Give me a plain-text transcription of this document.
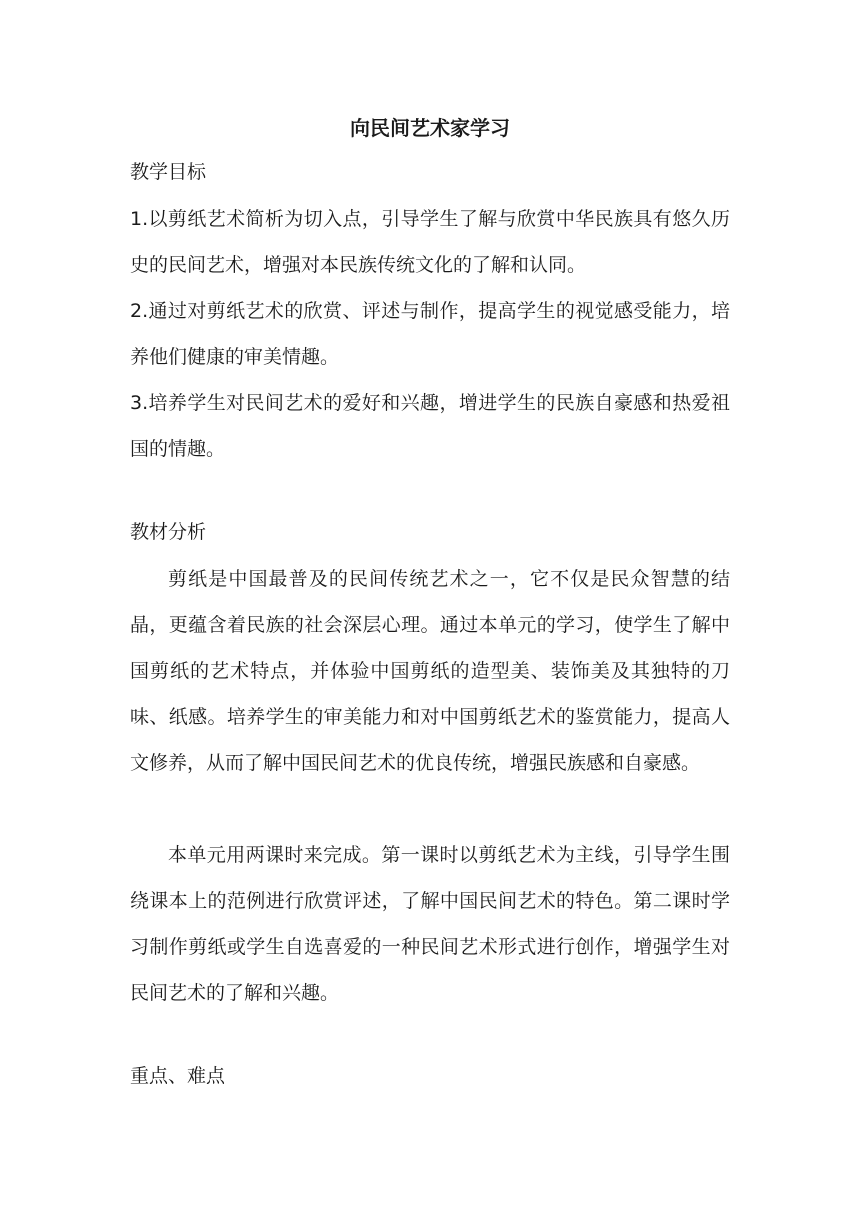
向民间艺术家学习
教学目标
1.以剪纸艺术简析为切入点，引导学生了解与欣赏中华民族具有悠久历史的民间艺术，增强对本民族传统文化的了解和认同。
2.通过对剪纸艺术的欣赏、评述与制作，提高学生的视觉感受能力，培养他们健康的审美情趣。
3.培养学生对民间艺术的爱好和兴趣，增进学生的民族自豪感和热爱祖国的情趣。
教材分析
剪纸是中国最普及的民间传统艺术之一，它不仅是民众智慧的结晶，更蕴含着民族的社会深层心理。通过本单元的学习，使学生了解中国剪纸的艺术特点，并体验中国剪纸的造型美、装饰美及其独特的刀味、纸感。培养学生的审美能力和对中国剪纸艺术的鉴赏能力，提高人文修养，从而了解中国民间艺术的优良传统，增强民族感和自豪感。
本单元用两课时来完成。第一课时以剪纸艺术为主线，引导学生围绕课本上的范例进行欣赏评述，了解中国民间艺术的特色。第二课时学习制作剪纸或学生自选喜爱的一种民间艺术形式进行创作，增强学生对民间艺术的了解和兴趣。
重点、难点
